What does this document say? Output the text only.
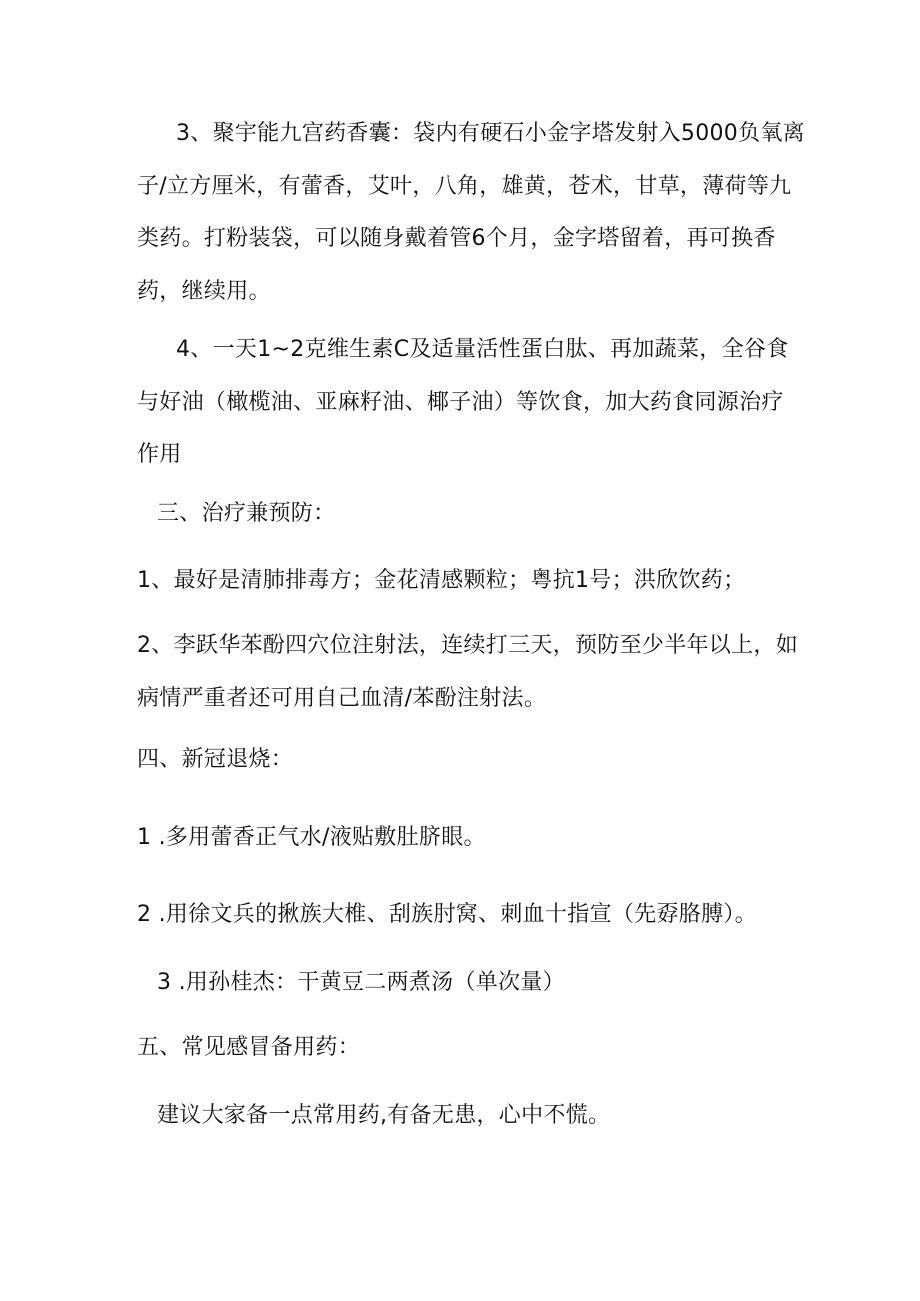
3、聚宇能九宫药香囊：袋内有硬石小金字塔发射入5000负氧离子/立方厘米，有蕾香，艾叶，八角，雄黄，苍术，甘草，薄荷等九类药。打粉装袋，可以随身戴着管6个月，金字塔留着，再可换香药，继续用。

4、一天1~2克维生素C及适量活性蛋白肽、再加蔬菜，全谷食与好油（橄榄油、亚麻籽油、椰子油）等饮食，加大药食同源治疗作用

三、治疗兼预防：

1、最好是清肺排毒方；金花清感颗粒；粤抗1号；洪欣饮药；

2、李跃华苯酚四穴位注射法，连续打三天，预防至少半年以上，如病情严重者还可用自己血清/苯酚注射法。

四、新冠退烧：

1 .多用蕾香正气水/液贴敷肚脐眼。

2 .用徐文兵的揪族大椎、刮族肘窝、刺血十指宣（先孬胳膊）。

3 .用孙桂杰：干黄豆二两煮汤（单次量）

五、常见感冒备用药：

建议大家备一点常用药,有备无患，心中不慌。
